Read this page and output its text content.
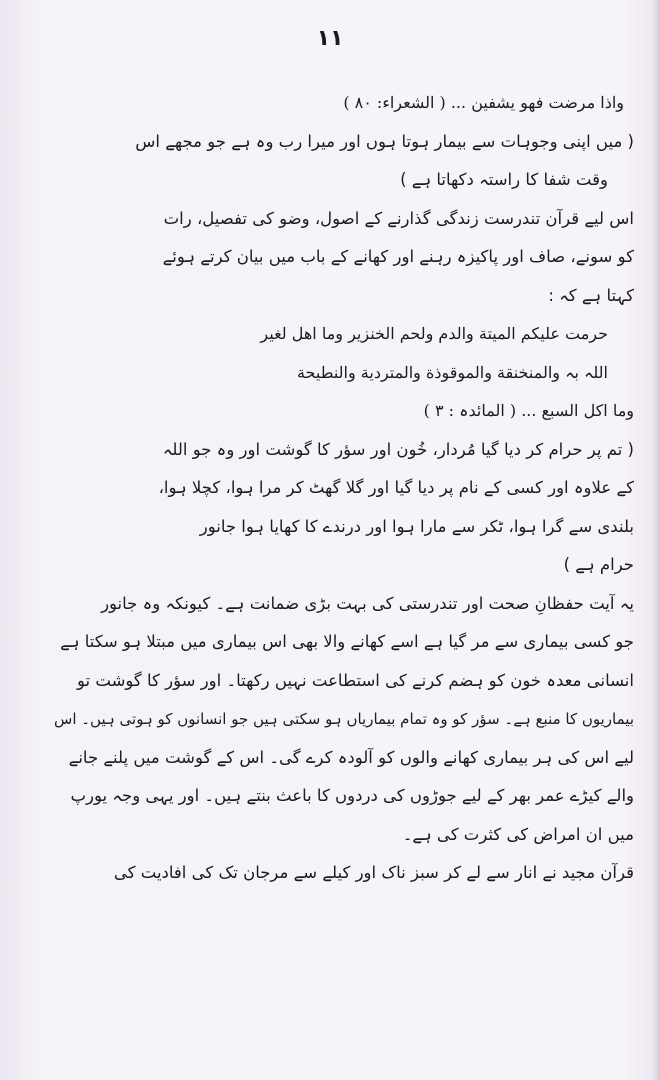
۱۱
واذا مرضت فهو يشفين ... ( الشعراء: ۸۰ )
( میں اپنی وجوہات سے بیمار ہوتا ہوں اور میرا رب وہ ہے جو مجھے اس
وقت شفا کا راستہ دکھاتا ہے )
اس لیے قرآن تندرست زندگی گذارنے کے اصول، وضو کی تفصیل، رات
کو سونے، صاف اور پاکیزہ رہنے اور کھانے کے باب میں بیان کرتے ہوئے
کہتا ہے کہ :
حرمت علیکم المیتة والدم ولحم الخنزیر وما اھل لغیر
اللہ بہ والمنخنقة والموقوذة والمتردیة والنطیحة
وما اکل السبع ... ( المائدہ : ۳ )
( تم پر حرام کر دیا گیا مُردار، خُون اور سؤر کا گوشت اور وہ جو اللہ
کے علاوہ اور کسی کے نام پر دیا گیا اور گلا گھٹ کر مرا ہوا، کچلا ہوا،
بلندی سے گرا ہوا، ٹکر سے مارا ہوا اور درندے کا کھایا ہوا جانور
حرام ہے )
یہ آیت حفظانِ صحت اور تندرستی کی بہت بڑی ضمانت ہے۔ کیونکہ وہ جانور
جو کسی بیماری سے مر گیا ہے اسے کھانے والا بھی اس بیماری میں مبتلا ہو سکتا ہے
انسانی معدہ خون کو ہضم کرنے کی استطاعت نہیں رکھتا۔ اور سؤر کا گوشت تو
بیماریوں کا منبع ہے۔ سؤر کو وہ تمام بیماریاں ہو سکتی ہیں جو انسانوں کو ہوتی ہیں۔ اس
لیے اس کی ہر بیماری کھانے والوں کو آلودہ کرے گی۔ اس کے گوشت میں پلنے جانے
والے کیڑے عمر بھر کے لیے جوڑوں کی دردوں کا باعث بنتے ہیں۔ اور یہی وجہ یورپ
میں ان امراض کی کثرت کی ہے۔
قرآن مجید نے انار سے لے کر سبز ناک اور کیلے سے مرجان تک کی افادیت کی
